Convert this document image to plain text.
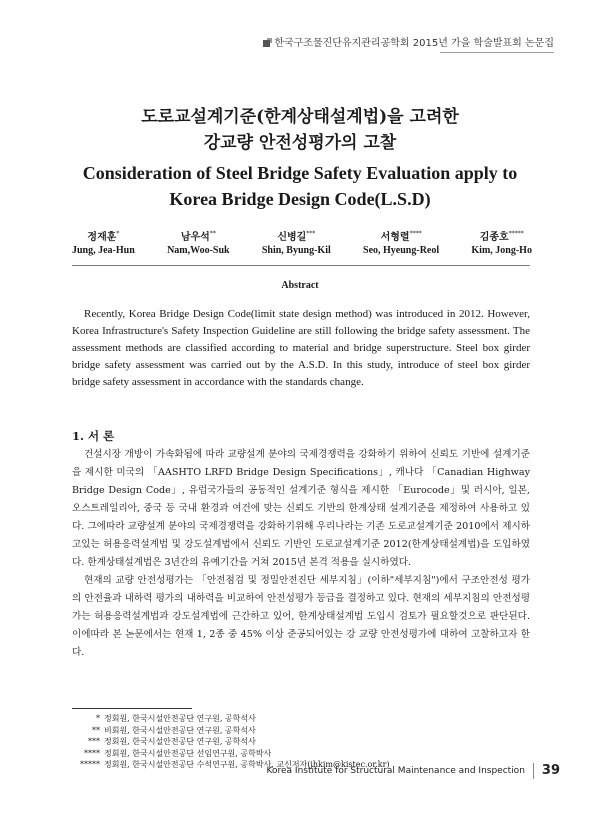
한국구조물진단유지관리공학회 2015년 가을 학술발표회 논문집
도로교설계기준(한계상태설계법)을 고려한
강교량 안전성평가의 고찰
Consideration of Steel Bridge Safety Evaluation apply to
Korea Bridge Design Code(L.S.D)
정재훈*
Jung, Jea-Hun
남우석**
Nam,Woo-Suk
신병길***
Shin, Byung-Kil
서형렬****
Seo, Hyeung-Reol
김종호*****
Kim, Jong-Ho
Abstract

Recently, Korea Bridge Design Code(limit state design method) was introduced in 2012. However, Korea Infrastructure's Safety Inspection Guideline are still following the bridge safety assessment. The assessment methods are classified according to material and bridge superstructure. Steel box girder bridge safety assessment was carried out by the A.S.D. In this study, introduce of steel box girder bridge safety assessment in accordance with the standards change.

1. 서 론

건설시장 개방이 가속화됨에 따라 교량설계 분야의 국제경쟁력을 강화하기 위하여 신뢰도 기반에 설계기준을 제시한 미국의 「AASHTO LRFD Bridge Design Specifications」, 캐나다 「Canadian Highway Bridge Design Code」, 유럽국가들의 공동적인 설계기준 형식을 제시한 「Eurocode」및 러시아, 일본, 오스트레일리아, 중국 등 국내 환경과 여건에 맞는 신뢰도 기반의 한계상태 설계기준을 제정하여 사용하고 있다. 그에따라 교량설계 분야의 국제경쟁력을 강화하기위해 우리나라는 기존 도로교설계기준 2010에서 제시하고있는 허용응력설계법 및 강도설계법에서 신뢰도 기반인 도로교설계기준 2012(한계상태설계법)을 도입하였다. 한계상태설계법은 3년간의 유예기간을 거쳐 2015년 본격 적용을 실시하였다.

현재의 교량 안전성평가는 「안전점검 및 정밀안전진단 세부지침」(이하"세부지침")에서 구조안전성 평가의 안전율과 내하력 평가의 내하력을 비교하여 안전성평가 등급을 결정하고 있다. 현재의 세부지침의 안전성평가는 허용응력설계법과 강도설계법에 근간하고 있어, 한계상태설계법 도입시 검토가 필요할것으로 판단된다. 이에따라 본 논문에서는 현재 1, 2종 중 45% 이상 준공되어있는 강 교량 안전성평가에 대하여 고찰하고자 한다.

* 정회원, 한국시설안전공단 연구원, 공학석사
** 비회원, 한국시설안전공단 연구원, 공학석사
*** 정회원, 한국시설안전공단 연구원, 공학석사
**** 정회원, 한국시설안전공단 선임연구원, 공학박사
***** 정회원, 한국시설안전공단 수석연구원, 공학박사, 교신저자(jhkim@kistec.or.kr)
Korea Institute for Structural Maintenance and Inspection	39
